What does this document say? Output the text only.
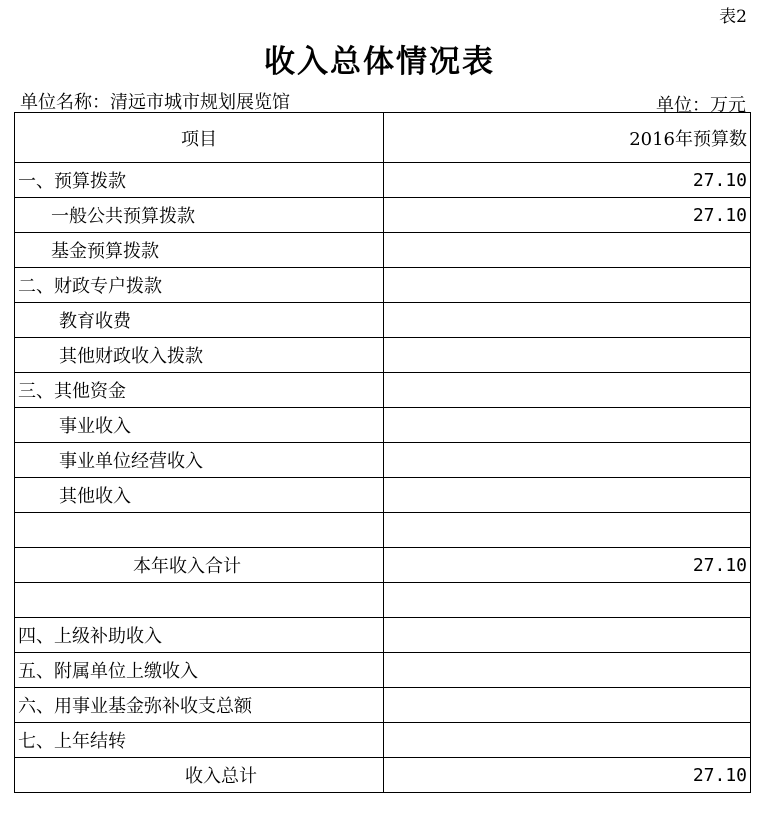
表2
收入总体情况表
单位名称：清远市城市规划展览馆	单位：万元
项目	2016年预算数
一、预算拨款	27.10
一般公共预算拨款	27.10
基金预算拨款	
二、财政专户拨款	
教育收费	
其他财政收入拨款	
三、其他资金	
事业收入	
事业单位经营收入	
其他收入	

本年收入合计	27.10

四、上级补助收入	
五、附属单位上缴收入	
六、用事业基金弥补收支总额	
七、上年结转	
收入总计	27.10
